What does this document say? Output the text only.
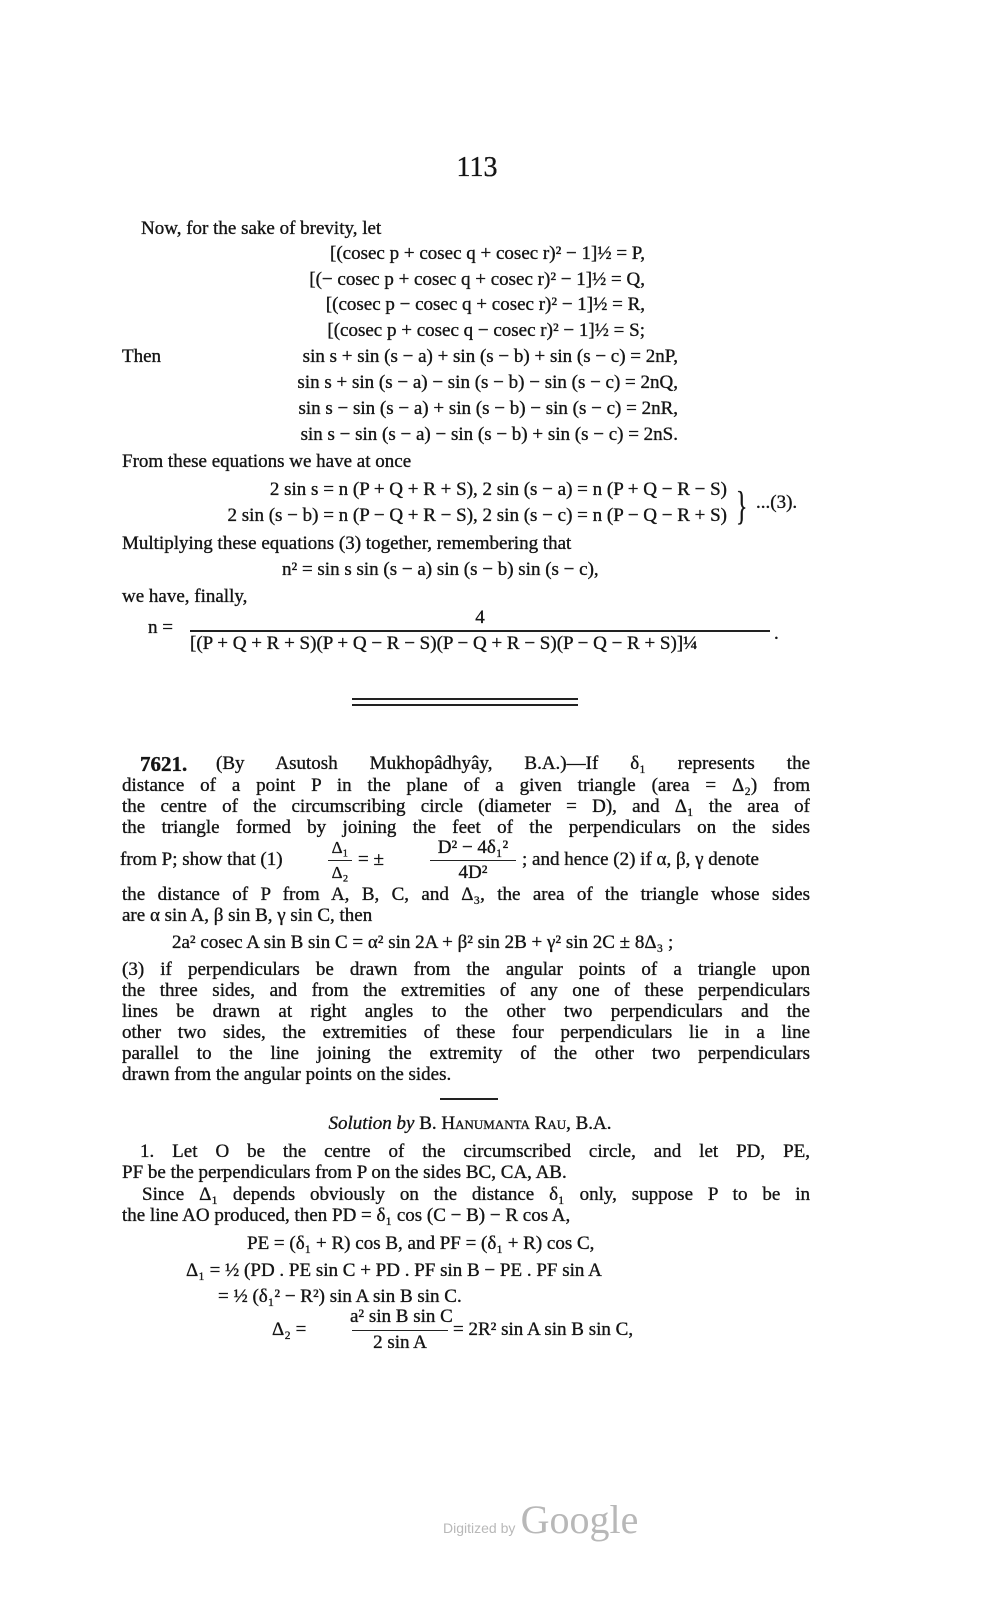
113
Now, for the sake of brevity, let
[(cosec p + cosec q + cosec r)² − 1]½ = P,
[(− cosec p + cosec q + cosec r)² − 1]½ = Q,
[(cosec p − cosec q + cosec r)² − 1]½ = R,
[(cosec p + cosec q − cosec r)² − 1]½ = S;
Then	sin s + sin (s − a) + sin (s − b) + sin (s − c) = 2nP,
sin s + sin (s − a) − sin (s − b) − sin (s − c) = 2nQ,
sin s − sin (s − a) + sin (s − b) − sin (s − c) = 2nR,
sin s − sin (s − a) − sin (s − b) + sin (s − c) = 2nS.
From these equations we have at once
2 sin s = n (P + Q + R + S), 2 sin (s − a) = n (P + Q − R − S)
2 sin (s − b) = n (P − Q + R − S), 2 sin (s − c) = n (P − Q − R + S) } ...(3).
Multiplying these equations (3) together, remembering that
n² = sin s sin (s − a) sin (s − b) sin (s − c),
we have, finally,
n =	4
[(P + Q + R + S)(P + Q − R − S)(P − Q + R − S)(P − Q − R + S)]¼	.
7621. (By Asutosh Mukhopâdhyây, B.A.)—If δ₁ represents the
distance of a point P in the plane of a given triangle (area = Δ₂) from
the centre of the circumscribing circle (diameter = D), and Δ₁ the area of
the triangle formed by joining the feet of the perpendiculars on the sides
from P; show that (1)
Δ₁
Δ₂
= ±
D² − 4δ₁²
4D²
; and hence (2) if α, β, γ denote
the distance of P from A, B, C, and Δ₃, the area of the triangle whose sides
are α sin A, β sin B, γ sin C, then
2a² cosec A sin B sin C = α² sin 2A + β² sin 2B + γ² sin 2C ± 8Δ₃ ;
(3) if perpendiculars be drawn from the angular points of a triangle upon
the three sides, and from the extremities of any one of these perpendiculars
lines be drawn at right angles to the other two perpendiculars and the
other two sides, the extremities of these four perpendiculars lie in a line
parallel to the line joining the extremity of the other two perpendiculars
drawn from the angular points on the sides.
Solution by B. Hanumanta Rau, B.A.
1. Let O be the centre of the circumscribed circle, and let PD, PE,
PF be the perpendiculars from P on the sides BC, CA, AB.
Since Δ₁ depends obviously on the distance δ₁ only, suppose P to be in
the line AO produced, then PD = δ₁ cos (C − B) − R cos A,
PE = (δ₁ + R) cos B, and PF = (δ₁ + R) cos C,
Δ₁ = ½ (PD . PE sin C + PD . PF sin B − PE . PF sin A
= ½ (δ₁² − R²) sin A sin B sin C.
Δ₂ =
a² sin B sin C
2 sin A
= 2R² sin A sin B sin C,
Digitized by Google
